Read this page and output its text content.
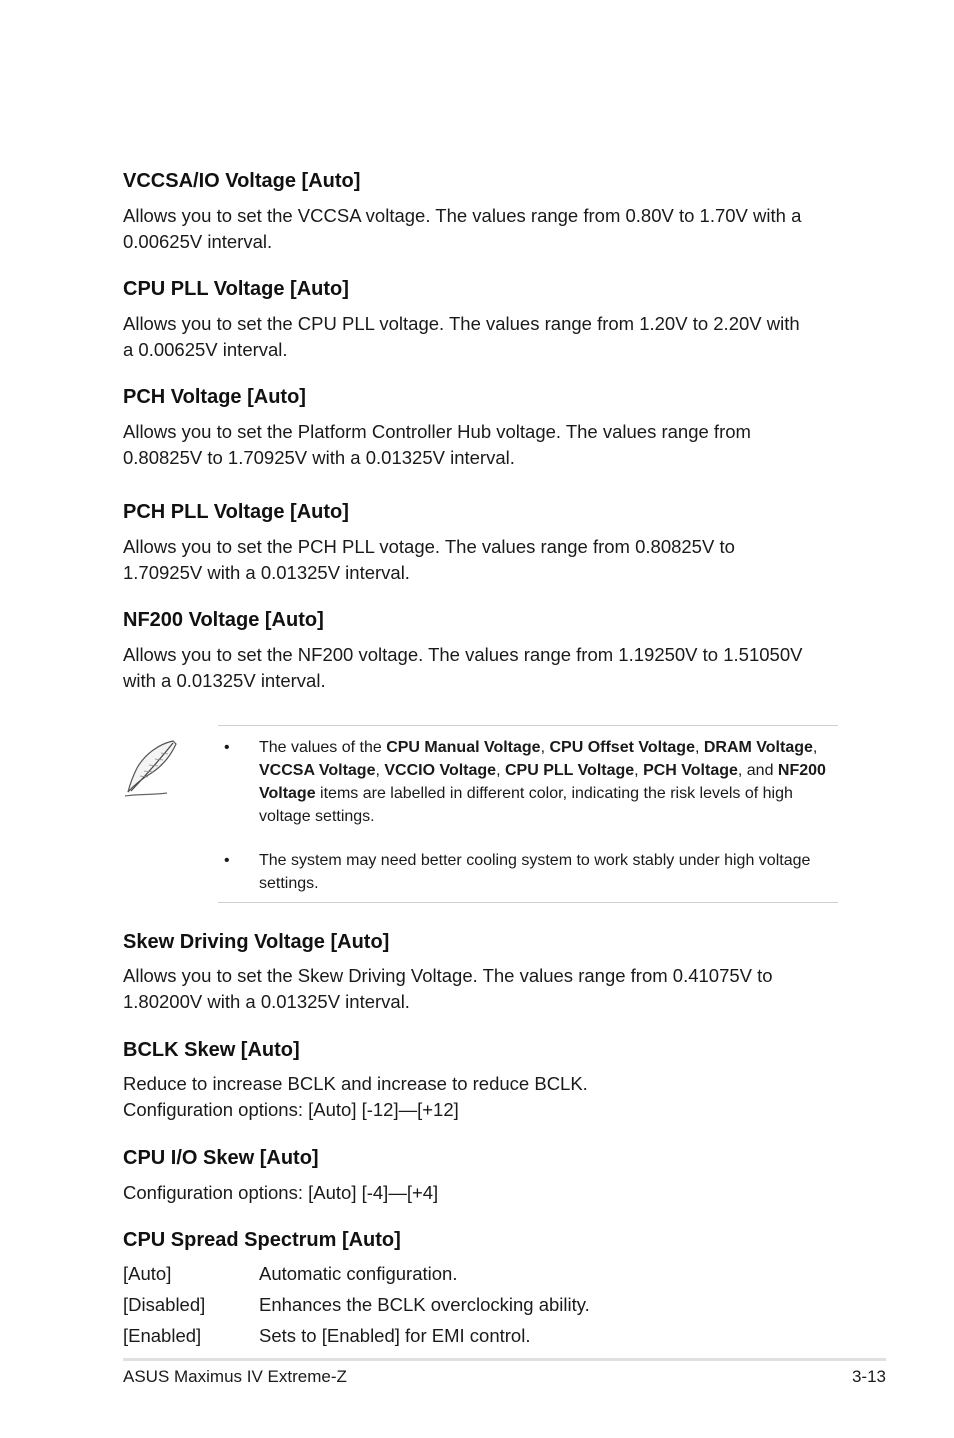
VCCSA/IO Voltage [Auto]
Allows you to set the VCCSA voltage. The values range from 0.80V to 1.70V with a
0.00625V interval.
CPU PLL Voltage [Auto]
Allows you to set the CPU PLL voltage. The values range from 1.20V to 2.20V with
a 0.00625V interval.
PCH Voltage [Auto]
Allows you to set the Platform Controller Hub voltage. The values range from
0.80825V to 1.70925V with a 0.01325V interval.
PCH PLL Voltage [Auto]
Allows you to set the PCH PLL votage. The values range from 0.80825V to
1.70925V with a 0.01325V interval.
NF200 Voltage [Auto]
Allows you to set the NF200 voltage. The values range from 1.19250V to 1.51050V
with a 0.01325V interval.
• The values of the CPU Manual Voltage, CPU Offset Voltage, DRAM Voltage, VCCSA Voltage, VCCIO Voltage, CPU PLL Voltage, PCH Voltage, and NF200 Voltage items are labelled in different color, indicating the risk levels of high voltage settings.
• The system may need better cooling system to work stably under high voltage settings.
Skew Driving Voltage [Auto]
Allows you to set the Skew Driving Voltage. The values range from 0.41075V to
1.80200V with a 0.01325V interval.
BCLK Skew [Auto]
Reduce to increase BCLK and increase to reduce BCLK.
Configuration options: [Auto] [-12]—[+12]
CPU I/O Skew [Auto]
Configuration options: [Auto] [-4]—[+4]
CPU Spread Spectrum [Auto]
[Auto]	Automatic configuration.
[Disabled]	Enhances the BCLK overclocking ability.
[Enabled]	Sets to [Enabled] for EMI control.
ASUS Maximus IV Extreme-Z	3-13
